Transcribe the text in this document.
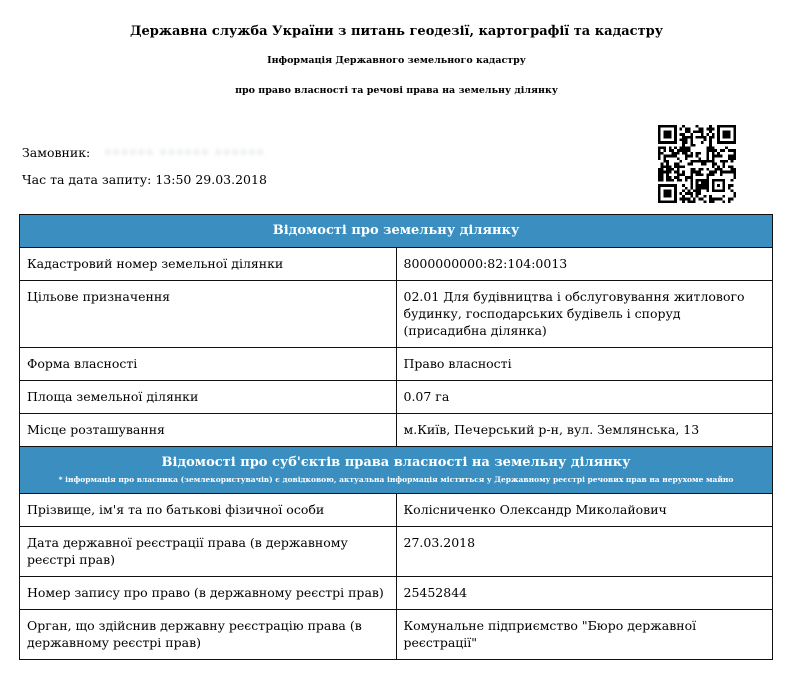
Державна служба України з питань геодезії, картографії та кадастру
Інформація Державного земельного кадастру
про право власності та речові права на земельну ділянку
Замовник: •••••• •••••• ••••••
Час та дата запиту: 13:50 29.03.2018
Відомості про земельну ділянку	
Кадастровий номер земельної ділянки	8000000000:82:104:0013
Цільове призначення	02.01 Для будівництва і обслуговування житлового будинку, господарських будівель і споруд (присадибна ділянка)
Форма власності	Право власності
Площа земельної ділянки	0.07 га
Місце розташування	м.Київ, Печерський р-н, вул. Землянська, 13
Відомості про суб'єктів права власності на земельну ділянку
* інформація про власника (землекористувачів) є довідковою, актуальна інформація міститься у Державному реєстрі речових прав на нерухоме майно	

Прізвище, ім'я та по батькові фізичної особи	Колісниченко Олександр Миколайович
Дата державної реєстрації права (в державному реєстрі прав)	27.03.2018
Номер запису про право (в державному реєстрі прав)	25452844
Орган, що здійснив державну реєстрацію права (в державному реєстрі прав)	Комунальне підприємство "Бюро державної реєстрації"
